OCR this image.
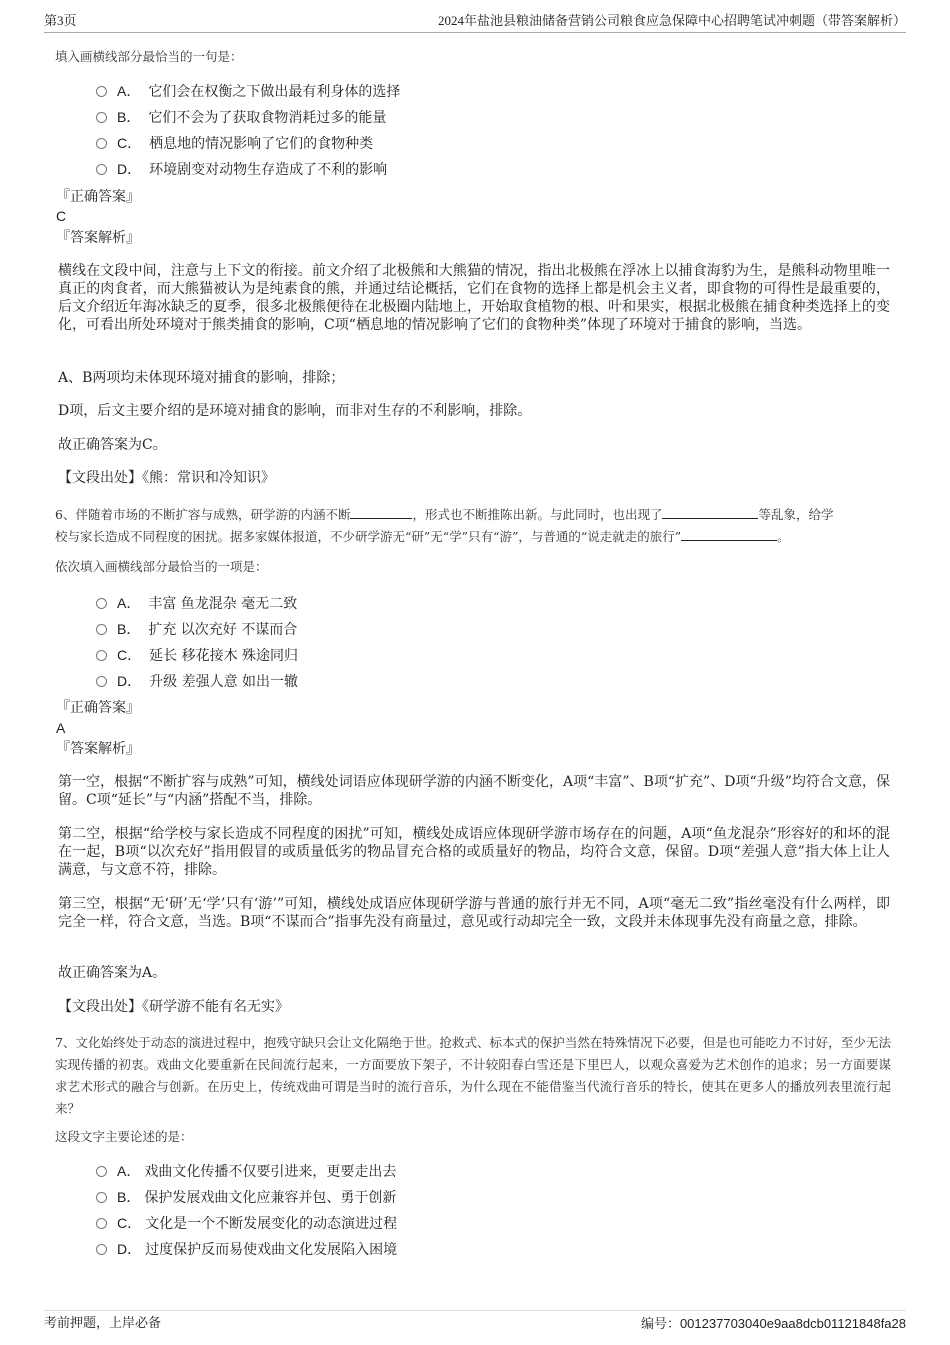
第3页	2024年盐池县粮油储备营销公司粮食应急保障中心招聘笔试冲刺题（带答案解析）
填入画横线部分最恰当的一句是：
A． 它们会在权衡之下做出最有利身体的选择
B． 它们不会为了获取食物消耗过多的能量
C． 栖息地的情况影响了它们的食物种类
D． 环境剧变对动物生存造成了不利的影响
『正确答案』
C
『答案解析』
横线在文段中间，注意与上下文的衔接。前文介绍了北极熊和大熊猫的情况，指出北极熊在浮冰上以捕食海豹为生，是熊科动物里唯一真正的肉食者，而大熊猫被认为是纯素食的熊，并通过结论概括，它们在食物的选择上都是机会主义者，即食物的可得性是最重要的，后文介绍近年海冰缺乏的夏季，很多北极熊便待在北极圈内陆地上，开始取食植物的根、叶和果实，根据北极熊在捕食种类选择上的变化，可看出所处环境对于熊类捕食的影响，C项“栖息地的情况影响了它们的食物种类”体现了环境对于捕食的影响，当选。
A、B两项均未体现环境对捕食的影响，排除；
D项，后文主要介绍的是环境对捕食的影响，而非对生存的不利影响，排除。
故正确答案为C。
【文段出处】《熊：常识和冷知识》
6、伴随着市场的不断扩容与成熟，研学游的内涵不断	，形式也不断推陈出新。与此同时，也出现了	等乱象，给学
校与家长造成不同程度的困扰。据多家媒体报道，不少研学游无“研”无“学”只有“游”，与普通的“说走就走的旅行”	。
依次填入画横线部分最恰当的一项是：
A． 丰富 鱼龙混杂 毫无二致
B． 扩充 以次充好 不谋而合
C． 延长 移花接木 殊途同归
D． 升级 差强人意 如出一辙
『正确答案』
A
『答案解析』
第一空，根据“不断扩容与成熟”可知，横线处词语应体现研学游的内涵不断变化，A项“丰富”、B项“扩充”、D项“升级”均符合文意，保留。C项“延长”与“内涵”搭配不当，排除。
第二空，根据“给学校与家长造成不同程度的困扰”可知，横线处成语应体现研学游市场存在的问题，A项“鱼龙混杂”形容好的和坏的混在一起，B项“以次充好”指用假冒的或质量低劣的物品冒充合格的或质量好的物品，均符合文意，保留。D项“差强人意”指大体上让人满意，与文意不符，排除。
第三空，根据“无‘研’无‘学’只有‘游’”可知，横线处成语应体现研学游与普通的旅行并无不同，A项“毫无二致”指丝毫没有什么两样，即完全一样，符合文意，当选。B项“不谋而合”指事先没有商量过，意见或行动却完全一致，文段并未体现事先没有商量之意，排除。
故正确答案为A。
【文段出处】《研学游不能有名无实》
7、文化始终处于动态的演进过程中，抱残守缺只会让文化隔绝于世。抢救式、标本式的保护当然在特殊情况下必要，但是也可能吃力不讨好，至少无法实现传播的初衷。戏曲文化要重新在民间流行起来，一方面要放下架子，不计较阳春白雪还是下里巴人，以观众喜爱为艺术创作的追求；另一方面要谋求艺术形式的融合与创新。在历史上，传统戏曲可谓是当时的流行音乐，为什么现在不能借鉴当代流行音乐的特长，使其在更多人的播放列表里流行起来？
这段文字主要论述的是：
A． 戏曲文化传播不仅要引进来，更要走出去
B． 保护发展戏曲文化应兼容并包、勇于创新
C． 文化是一个不断发展变化的动态演进过程
D． 过度保护反而易使戏曲文化发展陷入困境
考前押题，上岸必备	编号：001237703040e9aa8dcb01121848fa28
